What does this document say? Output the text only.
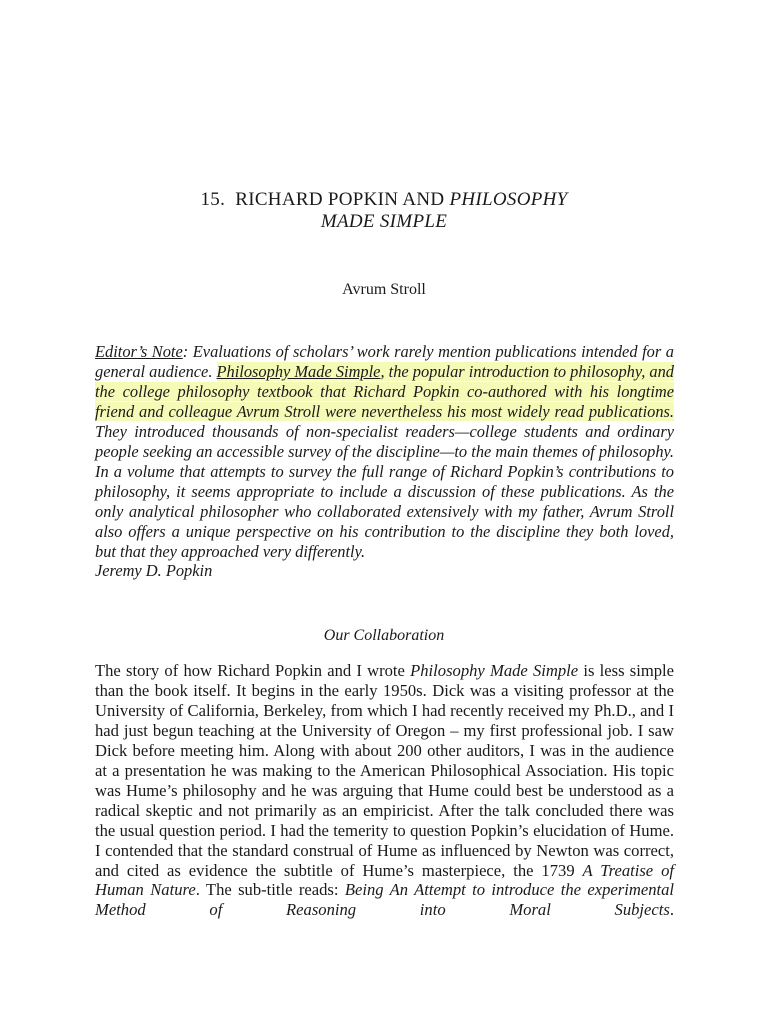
15. RICHARD POPKIN AND PHILOSOPHY
MADE SIMPLE
Avrum Stroll
Editor’s Note: Evaluations of scholars’ work rarely mention publications intended for a general audience. Philosophy Made Simple, the popular introduction to philosophy, and the college philosophy textbook that Richard Popkin co-authored with his longtime friend and colleague Avrum Stroll were nevertheless his most widely read publications. They introduced thousands of non-specialist readers—college students and ordinary people seeking an accessible survey of the discipline—to the main themes of philosophy. In a volume that attempts to survey the full range of Richard Popkin’s contributions to philosophy, it seems appropriate to include a discussion of these publications. As the only analytical philosopher who collaborated extensively with my father, Avrum Stroll also offers a unique perspective on his contribution to the discipline they both loved, but that they approached very differently.
Jeremy D. Popkin
Our Collaboration
The story of how Richard Popkin and I wrote Philosophy Made Simple is less simple than the book itself. It begins in the early 1950s. Dick was a visiting professor at the University of California, Berkeley, from which I had recently received my Ph.D., and I had just begun teaching at the University of Oregon – my first professional job. I saw Dick before meeting him. Along with about 200 other auditors, I was in the audience at a presentation he was making to the American Philosophical Association. His topic was Hume’s philosophy and he was arguing that Hume could best be understood as a radical skeptic and not primarily as an empiricist. After the talk concluded there was the usual question period. I had the temerity to question Popkin’s elucidation of Hume. I contended that the standard construal of Hume as influenced by Newton was correct, and cited as evidence the subtitle of Hume’s masterpiece, the 1739 A Treatise of Human Nature. The sub-title reads: Being An Attempt to introduce the experimental Method of Reasoning into Moral Subjects.
